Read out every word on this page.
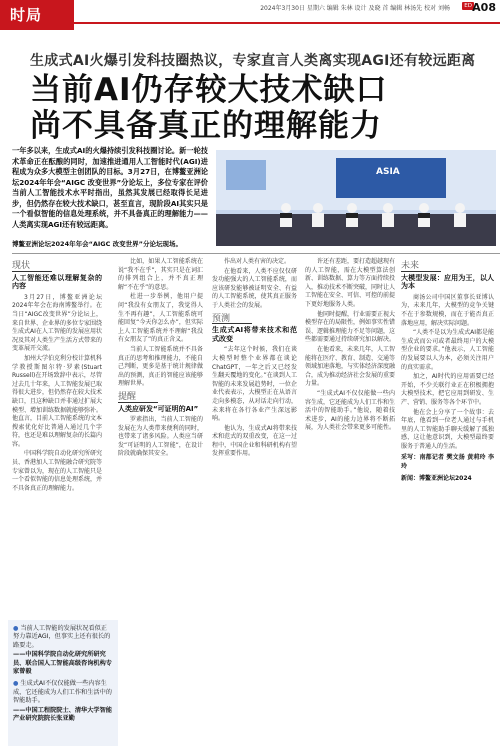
时局	2024年3月30日 星期六 编辑 朱林 设计 及晓 首 编辑 林汤先 校对 刘畅	ED A08
生成式AI火爆引发科技圈热议，专家直言人类离实现AGI还有较远距离
当前AI仍存较大技术缺口
尚不具备真正的理解能力
一年多以来，生成式AI的火爆持续引发科技圈讨论。新一轮技术革命正在酝酿的同时，加速推进通用人工智能时代(AGI)进程成为众多大模型主创团队的目标。3月27日，在博鳌亚洲论坛2024年年会“AIGC 改变世界”分论坛上，多位专家在评价当前人工智能技术水平时指出，虽然其发展已经取得长足进步，但仍然存在较大技术缺口，甚至直言，现阶段AI其实只是一个看似智能的信息处理系统，并不具备真正的理解能力——人类离实现AGI还有较远距离。
ASIA
博鳌亚洲论坛2024年年会“AIGC 改变世界”分论坛现场。

现状

人工智能还难以理解复杂的内容

3月27日，博鳌亚洲论坛2024年年会在海南博鳌举行。在当日“AIGC改变世界”分论坛上，来自世界、企业界的多位专家围绕生成式AI在人工智能的发展应用状况及其对人类生产生活方式带来的变革展开交流。

加州大学伯克利分校计算机科学教授斯图尔特·罗素(Stuart Russell)在开场致辞中表示，尽管过去几十年来，人工智能发展已取得很大进步，但仍然存在较大技术缺口，且这种缺口并非通过扩展大模型、增加训练数据就能够弥补。他直言，目前人工智能系统的文本搜索优化好比普通人通过几个字符，也还是难以理解复杂的长篇内容。

中国科学院自动化研究所研究员、香港加人工智能融合研究院等专家曾以为，现在的人工智能只是一个看似智能的信息处理系统，并不具备真正的理解能力。

比如，如果人工智能系统在说“我不在乎”，其实只是在词汇的排列组合上，并不真正理解“不在乎”的意思。

杜进一步举例，他用户提问“我没有女朋友了，我觉得人生不再有趣”，人工智能系统可能回复“今天你怎么办”，但实际上人工智能系统并不理解“我没有女朋友了”的真正含义。

当前人工智能系统并不具备真正的思考和推理能力，不能自己判断，更多是基于统计规律做出的预测，真正的智能应该能够理解世界。

提醒

人类应研发“可证明的AI”

罗素指出，当前人工智能的发展在为人类带来便利的同时，也带来了诸多风险。人类应当研发“可证明的人工智能”，在设计阶段就确保其安全。

作出对人类有害的决定。

在他看来，人类不应仅仅研发功能强大的人工智能系统，而应该研发能够被证明安全、有益的人工智能系统，使其真正服务于人类社会的发展。

预测

生成式AI将带来技术和范式改变

“去年这个时候，我们在谈大模型时整个业界都在谈论ChatGPT，一年之后又已经发生翻天覆地的变化。”在谈到人工智能的未来发展趋势时，一位企业代表表示，大模型正在从语言走向多模态，从对话走向行动，未来将在各行各业产生深远影响。

他认为，生成式AI将带来技术和范式的双重改变，在这一过程中，中国企业和科研机构有望发挥重要作用。

许还有差距，要打造超越现有的人工智能，需在大模型算法创新、训练数据、算力等方面持续投入，推动技术不断突破，同时让人工智能在安全、可信、可控的前提下更好地服务人类。

他同时提醒，行业需要正视大模型存在的局限性，例如事实性错误、逻辑推理能力不足等问题，这些都需要通过持续研究加以解决。

在他看来，未来几年，人工智能将在医疗、教育、制造、交通等领域加速落地，与实体经济深度融合，成为推动经济社会发展的重要力量。

“生成式AI不仅仅能做一些内容生成，它还能成为人们工作和生活中的智能助手。”他说，随着技术进步，AI的能力边界将不断拓展，为人类社会带来更多可能性。

未来

大模型发展：应用为王，以人为本

商汤公司中国区董事长亚博认为，未来几年，大模型的竞争关键不在于参数规模，而在于能否真正落地应用，解决实际问题。

“人类不是以为生成式AI都是能生成式而公司或者最终用户的大模型企业的要求。”他表示，人工智能的发展要以人为本，必须关注用户的真实需求。

加之，AI时代的应用需要已经开始，不少关联行业正在积极拥抱大模型技术，把它应用到研发、生产、营销、服务等各个环节中。

他在会上分享了一个故事：去年底，他看到一位老人通过与手机里的人工智能助手聊天缓解了孤独感，这让他意识到，大模型最终要服务于普通人的生活。

采写：南都记者 樊文扬 黄莉玲 李玲

新闻：博鳌亚洲论坛2024

● 当前人工智能的发展状况看似正努力靠近AGI，但事实上还有很长的路要走。
——中国科学院自动化研究所研究员、联合国人工智能高级咨询机构专家曾毅
● 生成式AI不仅仅能做一些内容生成，它还能成为人们工作和生活中的智能助手。
——中国工程院院士、清华大学智能产业研究院院长张亚勤
